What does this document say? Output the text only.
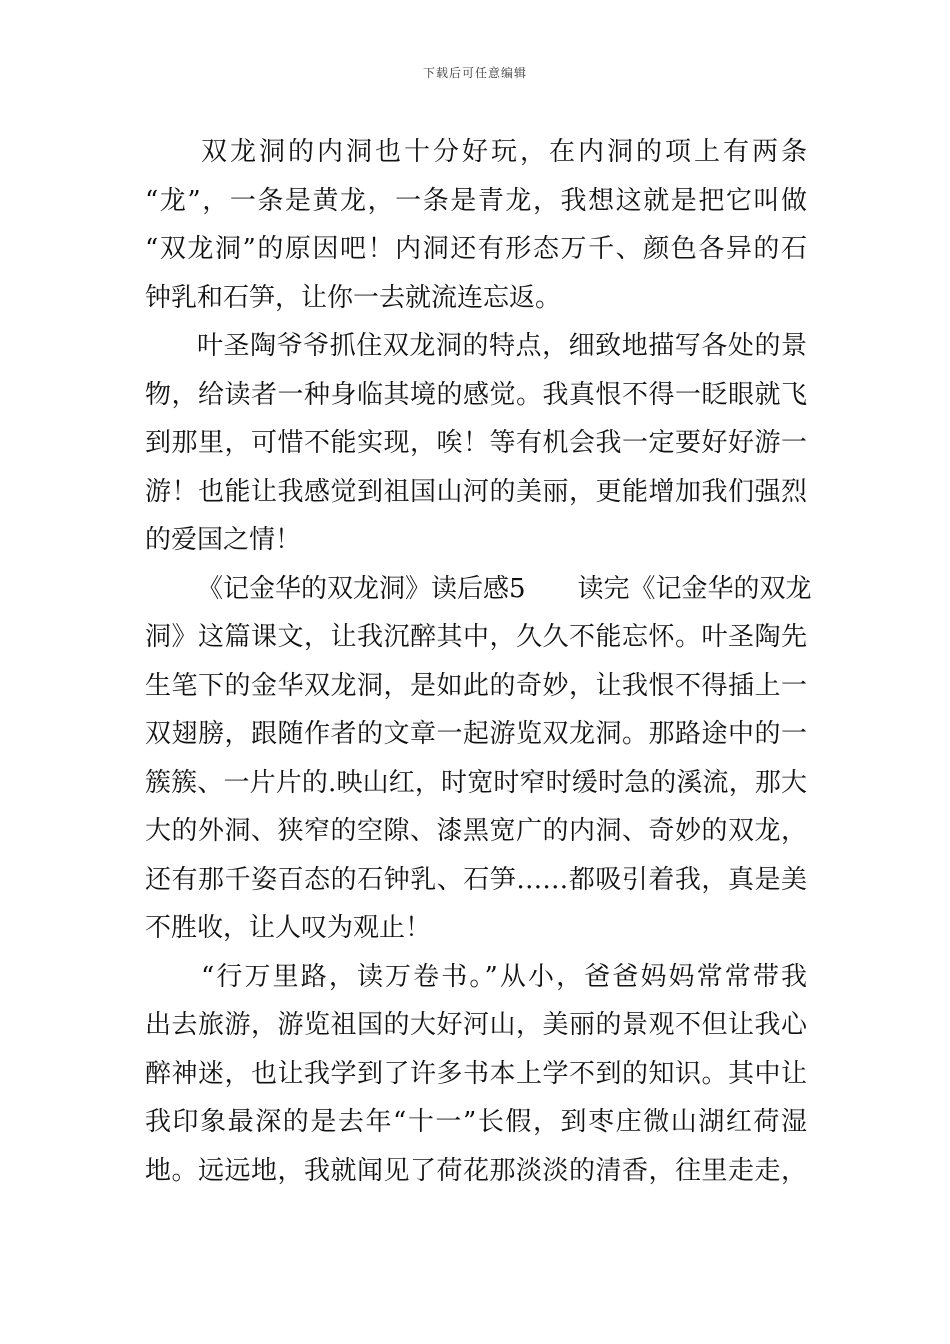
下载后可任意编辑
双龙洞的内洞也十分好玩，在内洞的项上有两条
“龙”，一条是黄龙，一条是青龙，我想这就是把它叫做
“双龙洞”的原因吧！内洞还有形态万千、颜色各异的石
钟乳和石笋，让你一去就流连忘返。
叶圣陶爷爷抓住双龙洞的特点，细致地描写各处的景
物，给读者一种身临其境的感觉。我真恨不得一眨眼就飞
到那里，可惜不能实现，唉！等有机会我一定要好好游一
游！也能让我感觉到祖国山河的美丽，更能增加我们强烈
的爱国之情！
《记金华的双龙洞》读后感5 读完《记金华的双龙
洞》这篇课文，让我沉醉其中，久久不能忘怀。叶圣陶先
生笔下的金华双龙洞，是如此的奇妙，让我恨不得插上一
双翅膀，跟随作者的文章一起游览双龙洞。那路途中的一
簇簇、一片片的.映山红，时宽时窄时缓时急的溪流，那大
大的外洞、狭窄的空隙、漆黑宽广的内洞、奇妙的双龙，
还有那千姿百态的石钟乳、石笋……都吸引着我，真是美
不胜收，让人叹为观止！
“行万里路，读万卷书。”从小，爸爸妈妈常常带我
出去旅游，游览祖国的大好河山，美丽的景观不但让我心
醉神迷，也让我学到了许多书本上学不到的知识。其中让
我印象最深的是去年“十一”长假，到枣庄微山湖红荷湿
地。远远地，我就闻见了荷花那淡淡的清香，往里走走，
